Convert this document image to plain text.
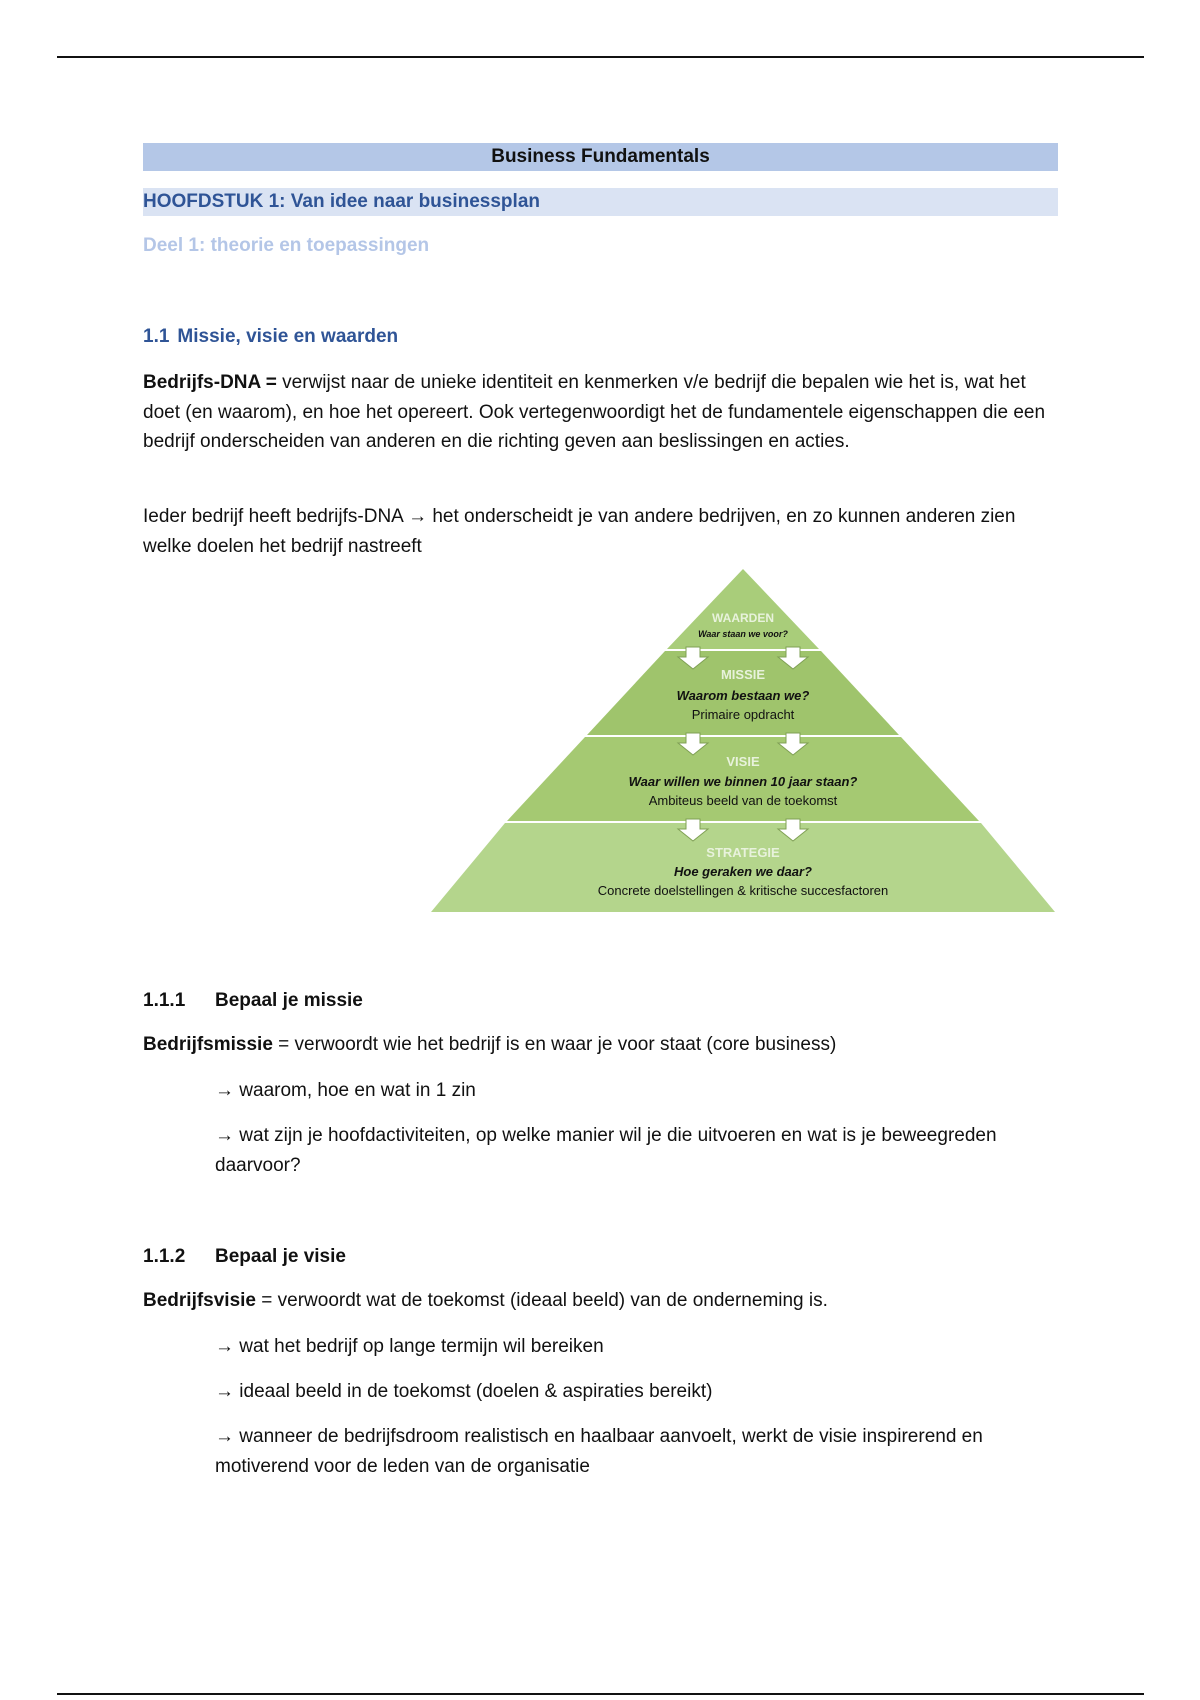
Business Fundamentals
HOOFDSTUK 1: Van idee naar businessplan
Deel 1: theorie en toepassingen
1.1 Missie, visie en waarden
Bedrijfs-DNA = verwijst naar de unieke identiteit en kenmerken v/e bedrijf die bepalen wie het is, wat het doet (en waarom), en hoe het opereert. Ook vertegenwoordigt het de fundamentele eigenschappen die een bedrijf onderscheiden van anderen en die richting geven aan beslissingen en acties.
Ieder bedrijf heeft bedrijfs-DNA → het onderscheidt je van andere bedrijven, en zo kunnen anderen zien welke doelen het bedrijf nastreeft
WAARDEN
Waar staan we voor?
MISSIE
Waarom bestaan we?
Primaire opdracht
VISIE
Waar willen we binnen 10 jaar staan?
Ambiteus beeld van de toekomst
STRATEGIE
Hoe geraken we daar?
Concrete doelstellingen & kritische succesfactoren
1.1.1 Bepaal je missie
Bedrijfsmissie = verwoordt wie het bedrijf is en waar je voor staat (core business)
→ waarom, hoe en wat in 1 zin
→ wat zijn je hoofdactiviteiten, op welke manier wil je die uitvoeren en wat is je beweegreden daarvoor?
1.1.2 Bepaal je visie
Bedrijfsvisie = verwoordt wat de toekomst (ideaal beeld) van de onderneming is.
→ wat het bedrijf op lange termijn wil bereiken
→ ideaal beeld in de toekomst (doelen & aspiraties bereikt)
→ wanneer de bedrijfsdroom realistisch en haalbaar aanvoelt, werkt de visie inspirerend en motiverend voor de leden van de organisatie
